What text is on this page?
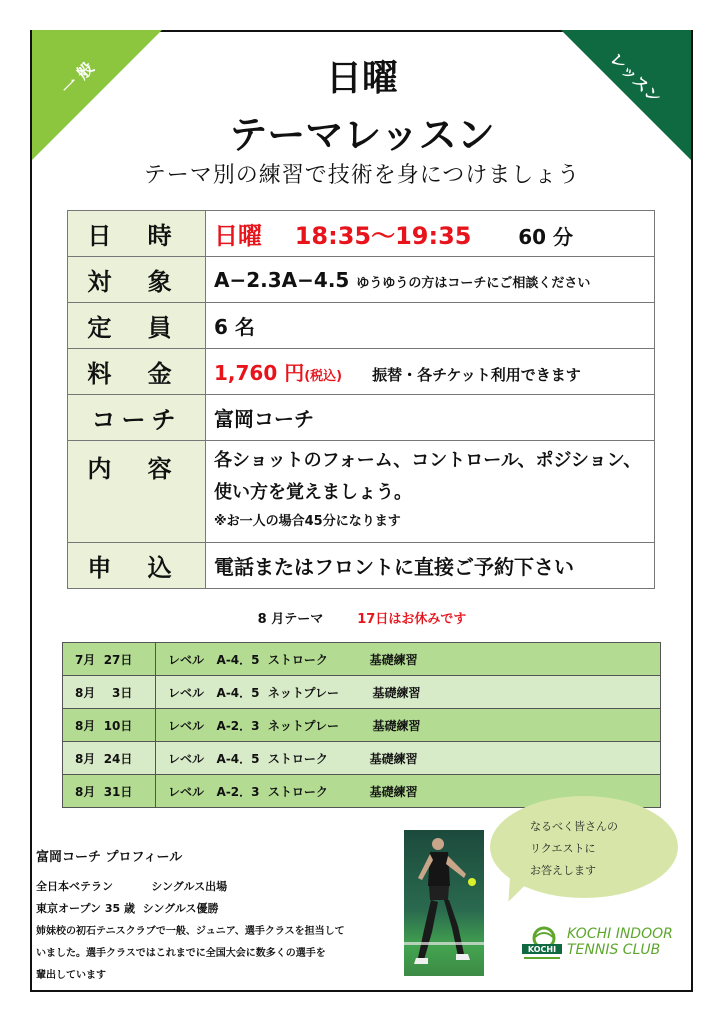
一 般	レッスン
日曜
テーマレッスン
テーマ別の練習で技術を身につけましょう
日 時	日曜 18:35〜19:35 60 分
対 象	A−2.3A−4.5 ゆうゆうの方はコーチにご相談ください
定 員	6 名
料 金	1,760 円(税込) 振替・各チケット利用できます
コーチ	富岡コーチ
内 容	各ショットのフォーム、コントロール、ポジション、
使い方を覚えましょう。
※お一人の場合45分になります

申 込	電話またはフロントに直接ご予約下さい
8 月テーマ	17日はお休みです
7月  27日	レベル   A-4．5  ストローク          基礎練習
8月    3日	レベル   A-4．5  ネットプレー        基礎練習
8月  10日	レベル   A-2．3  ネットプレー        基礎練習
8月  24日	レベル   A-4．5  ストローク          基礎練習
8月  31日	レベル   A-2．3  ストローク          基礎練習
富岡コーチ プロフィール
全日本ベテラン          シングルス出場
東京オープン 35 歳  シングルス優勝
姉妹校の初石テニスクラブで一般、ジュニア、選手クラスを担当して
いました。選手クラスではこれまでに全国大会に数多くの選手を
輩出しています
なるべく皆さんの
リクエストに
お答えします
KOCHI
KOCHI INDOOR
TENNIS CLUB
